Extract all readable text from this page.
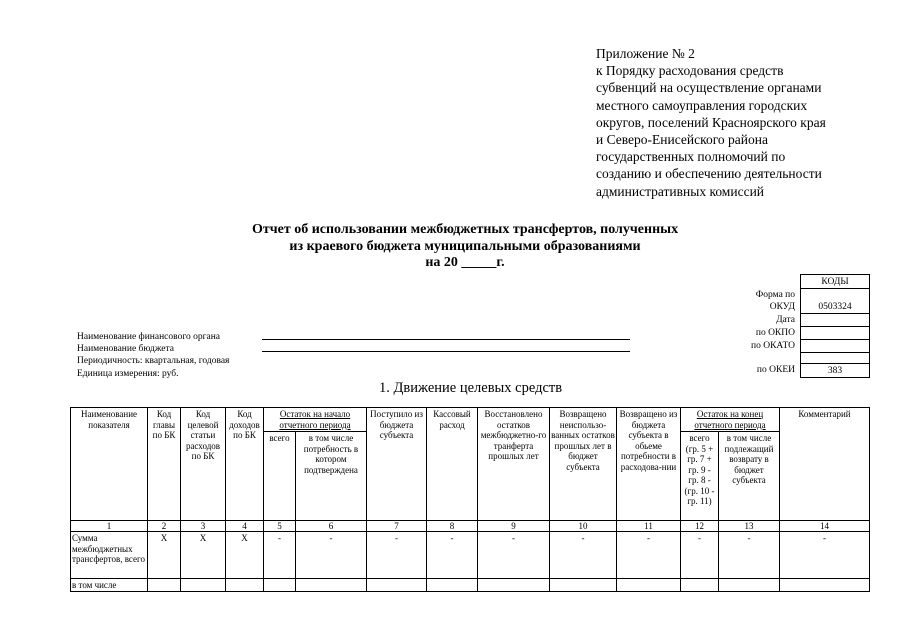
Приложение № 2
к Порядку расходования средств
субвенций на осуществление органами
местного самоуправления городских
округов, поселений Красноярского края
и Северо-Енисейского района
государственных полномочий по
созданию и обеспечению деятельности
административных комиссий
Отчет об использовании межбюджетных трансфертов, полученных
из краевого бюджета муниципальными образованиями
на 20 _____г.
КОДЫ
Форма по
ОКУД	0503324
Дата
по ОКПО
по ОКАТО
по ОКЕИ	383
Наименование финансового органа
Наименование бюджета
Периодичность: квартальная, годовая
Единица измерения: руб.
1. Движение целевых средств
Наименование показателя	Код главы по БК	Код целевой статьи расходов по БК	Код доходов по БК	Остаток на начало отчетного периода		Поступило из бюджета субъекта	Кассовый расход	Восстановлено остатков межбюджетно-го транферта прошлых лет	Возвращено неиспользо-ванных остатков прошлых лет в бюджет субъекта	Возвращено из бюджета субъекта в обьеме потребности в расходова-нии	Остаток на конец отчетного периода		Комментарий
				всего	в том числе потребность в котором подтверждена						всего (гр. 5 + гр. 7 + гр. 9 - гр. 8 - (гр. 10 - гр. 11)	в том числе подлежащий возврату в бюджет субъекта	
1	2	3	4	5	6	7	8	9	10	11	12	13	14
Сумма межбюджетных трансфертов, всего	Х	Х	Х	-	-	-	-	-	-	-	-	-	-
в том числе													
